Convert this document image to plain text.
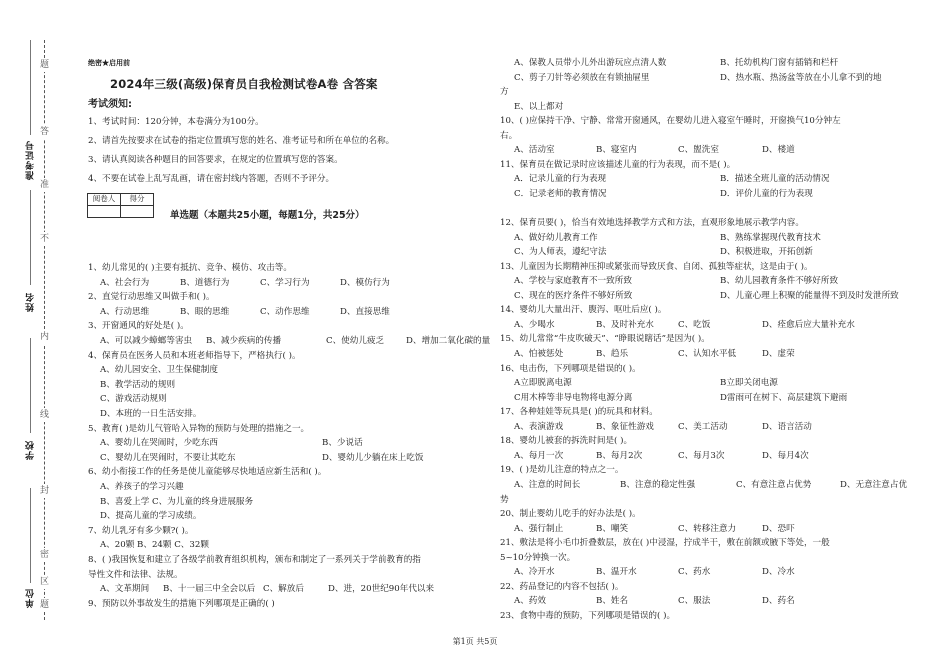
准考证号
姓名
学校
单位
题
答
准
不
内
线
封
密
区
题
绝密★启用前
2024年三级(高级)保育员自我检测试卷A卷 含答案
考试须知:
1、考试时间：120分钟，本卷满分为100分。
2、请首先按要求在试卷的指定位置填写您的姓名、准考证号和所在单位的名称。
3、请认真阅读各种题目的回答要求，在规定的位置填写您的答案。
4、不要在试卷上乱写乱画，请在密封线内答题，否则不予评分。
阅卷人	得分

单选题（本题共25小题，每题1分，共25分）
1、幼儿常见的( )主要有抵抗、竞争、模仿、攻击等。
A、社会行为	B、道德行为	C、学习行为	D、模仿行为
2、直觉行动思维又叫做手和( )。
A、行动思维	B、眼的思维	C、动作思维	D、直接思维
3、开窗通风的好处是( )。
A、可以减少蟑螂等害虫 B、减少疾病的传播	C、使幼儿疲乏	D、增加二氧化碳的量
4、保育员在医务人员和本班老师指导下，严格执行( )。
A、幼儿园安全、卫生保健制度
B、教学活动的规则
C、游戏活动规则
D、本班的一日生活安排。
5、教育( )是幼儿气管哈入异物的预防与处理的措施之一。
A、婴幼儿在哭闹时，少吃东西	B、少说话
C、婴幼儿在哭闹时，不要让其吃东	D、婴幼儿少躺在床上吃饭
6、幼小衔接工作的任务是使儿童能够尽快地适应新生活和( )。
A、养孩子的学习兴趣
B、喜爱上学 C、为儿童的终身进展服务
D、提高儿童的学习成绩。
7、幼儿乳牙有多少颗?( )。
A、20颗 B、24颗 C、32颗
8、( )我国恢复和建立了各级学前教育组织机构，颁布和制定了一系列关于学前教育的指
导性文件和法律、法规。
A、文革期间 B、十一届三中全会以后 C、解放后	D、进，20世纪90年代以来
9、预防以外事故发生的措施下列哪项是正确的( )
A、保教人员带小儿外出游玩应点清人数	B、托幼机构门窗有插销和栏杆
C、剪子刀针等必须放在有锁抽屉里	D、热水瓶、热汤盆等放在小儿拿不到的地
方
E、以上都对
10、( )应保持干净、宁静、常常开窗通风，在婴幼儿进入寝室午睡时，开窗换气10分钟左
右。
A、活动室	B、寝室内	C、盥洗室	D、楼道
11、保育员在做记录时应该描述儿童的行为表现，而不是( )。
A．记录儿童的行为表现	B．描述全班儿童的活动情况
C．记录老师的教育情况	D．评价儿童的行为表现
12、保育员要( )，恰当有效地选择教学方式和方法，直观形象地展示教学内容。
A、做好幼儿教育工作	B、熟练掌握现代教育技术
C、为人师表，遵纪守法	D、积极进取，开拓创新
13、儿童因为长期精神压抑或紧张而导致厌食、自闭、孤独等症状，这是由于( )。
A、学校与家庭教育不一致所致	B、幼儿园教育条件不够好所致
C、现在的医疗条件不够好所致	D、儿童心理上积聚的能量得不到及时发泄所致
14、婴幼儿大量出汗、腹泻、呕吐后应( )。
A、少喝水	B、及时补充水	C、吃饭	D、痊愈后应大量补充水
15、幼儿常常“牛皮吹破天”、“睁眼说瞎话”是因为( )。
A、怕被惩处	B、趋乐	C、认知水平低	D、虚荣
16、电击伤，下列哪项是错误的( )。
A立即脱离电源	B立即关闭电源
C用木棒等非导电物将电源分离	D雷雨可在树下、高层建筑下避雨
17、各种娃娃等玩具是( )的玩具和材料。
A、表演游戏	B、象征性游戏	C、美工活动	D、语言活动
18、婴幼儿被套的拆洗时间是( )。
A、每月一次	B、每月2次	C、每月3次	D、每月4次
19、( )是幼儿注意的特点之一。
A、注意的时间长	B、注意的稳定性强	C、有意注意占优势	D、无意注意占优
势
20、制止婴幼儿吃手的好办法是( )。
A、强行制止	B、嘲笑	C、转移注意力	D、恐吓
21、敷法是将小毛巾折叠数层，放在( )中浸湿，拧成半干，敷在前额或腋下等处，一般
5~10分钟换一次。
A、冷开水	B、温开水	C、药水	D、冷水
22、药品登记的内容不包括( )。
A、药效	B、姓名	C、服法	D、药名
23、食物中毒的预防，下列哪项是错误的( )。
第1页 共5页
